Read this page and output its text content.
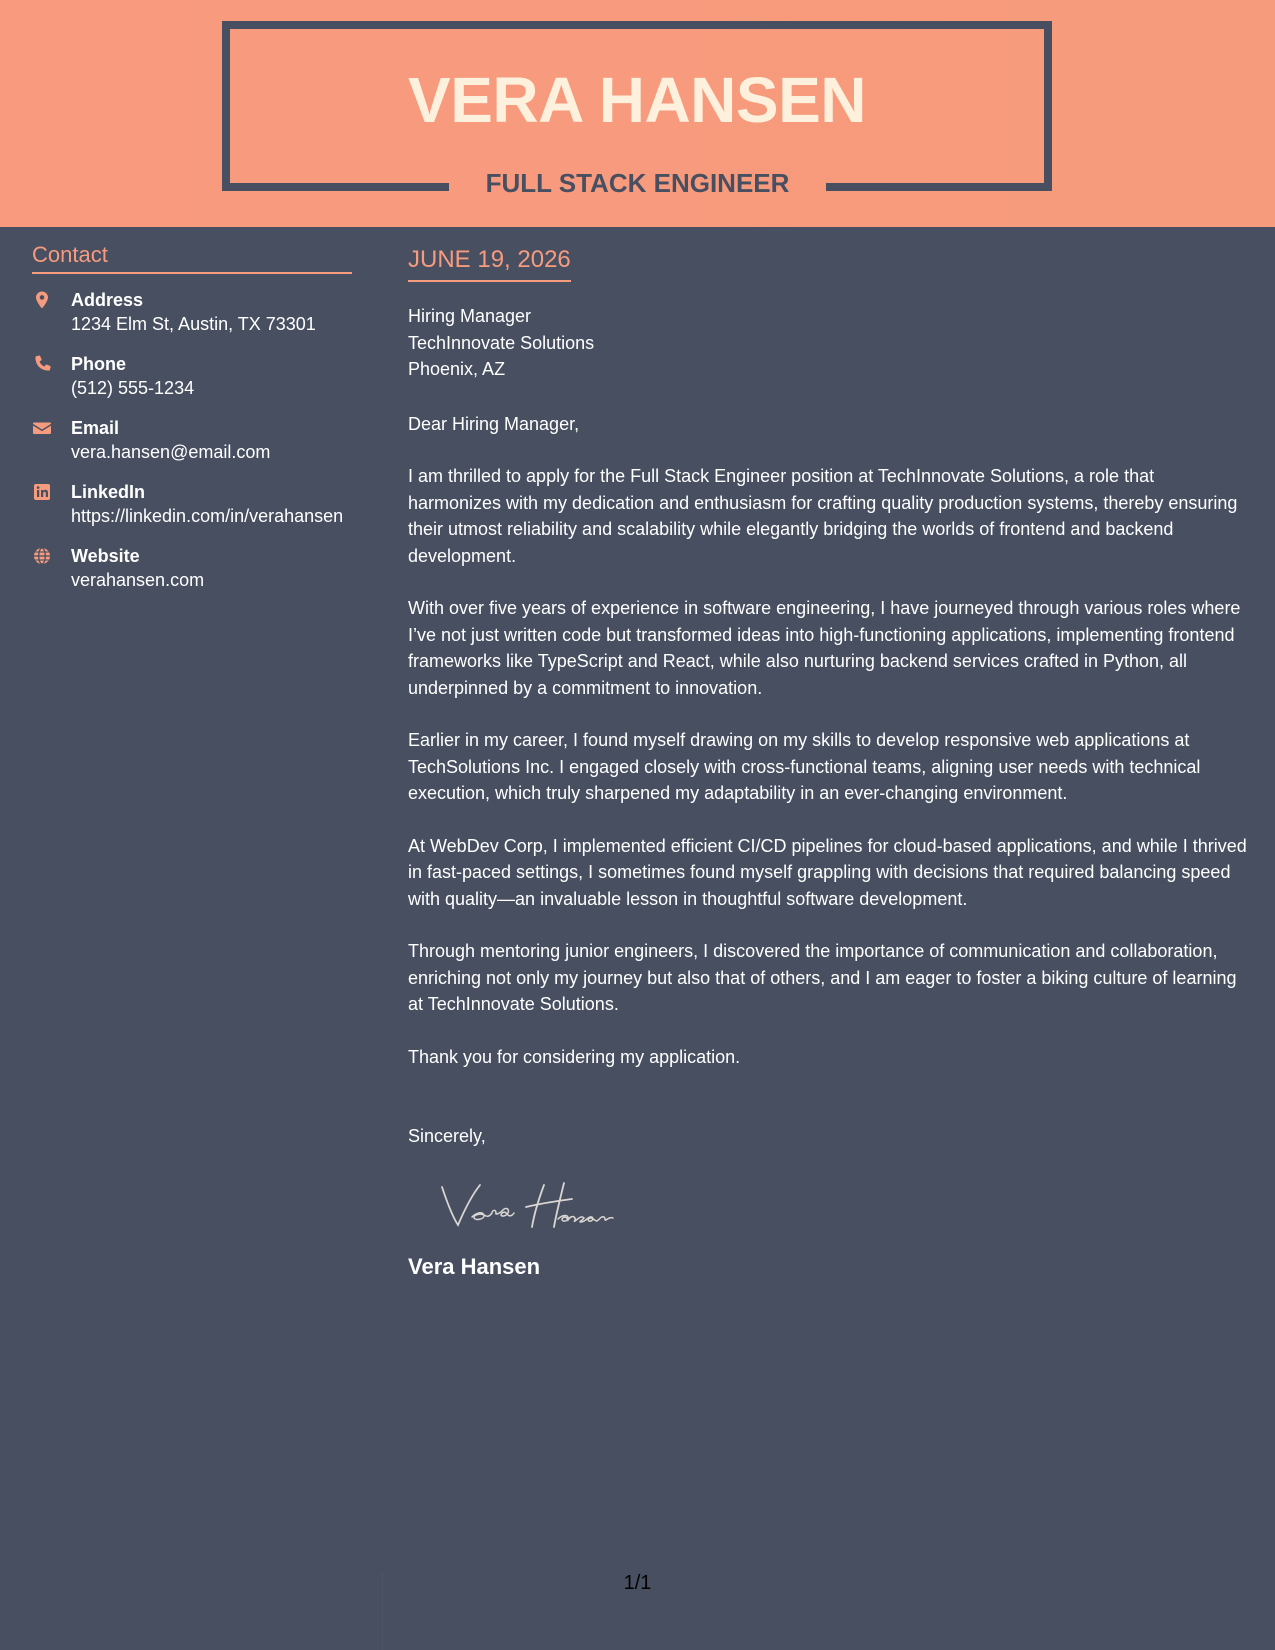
VERA HANSEN
FULL STACK ENGINEER
Contact
Address
1234 Elm St, Austin, TX 73301
Phone
(512) 555-1234
Email
vera.hansen@email.com
LinkedIn
https://linkedin.com/in/verahansen
Website
verahansen.com
JUNE 19, 2026
Hiring Manager
TechInnovate Solutions
Phoenix, AZ
Dear Hiring Manager,
I am thrilled to apply for the Full Stack Engineer position at TechInnovate Solutions, a role that harmonizes with my dedication and enthusiasm for crafting quality production systems, thereby ensuring their utmost reliability and scalability while elegantly bridging the worlds of frontend and backend development.
With over five years of experience in software engineering, I have journeyed through various roles where I’ve not just written code but transformed ideas into high-functioning applications, implementing frontend frameworks like TypeScript and React, while also nurturing backend services crafted in Python, all underpinned by a commitment to innovation.
Earlier in my career, I found myself drawing on my skills to develop responsive web applications at TechSolutions Inc. I engaged closely with cross-functional teams, aligning user needs with technical execution, which truly sharpened my adaptability in an ever-changing environment.
At WebDev Corp, I implemented efficient CI/CD pipelines for cloud-based applications, and while I thrived in fast-paced settings, I sometimes found myself grappling with decisions that required balancing speed with quality—an invaluable lesson in thoughtful software development.
Through mentoring junior engineers, I discovered the importance of communication and collaboration, enriching not only my journey but also that of others, and I am eager to foster a biking culture of learning at TechInnovate Solutions.
Thank you for considering my application.
Sincerely,
Vera Hansen
1/1
